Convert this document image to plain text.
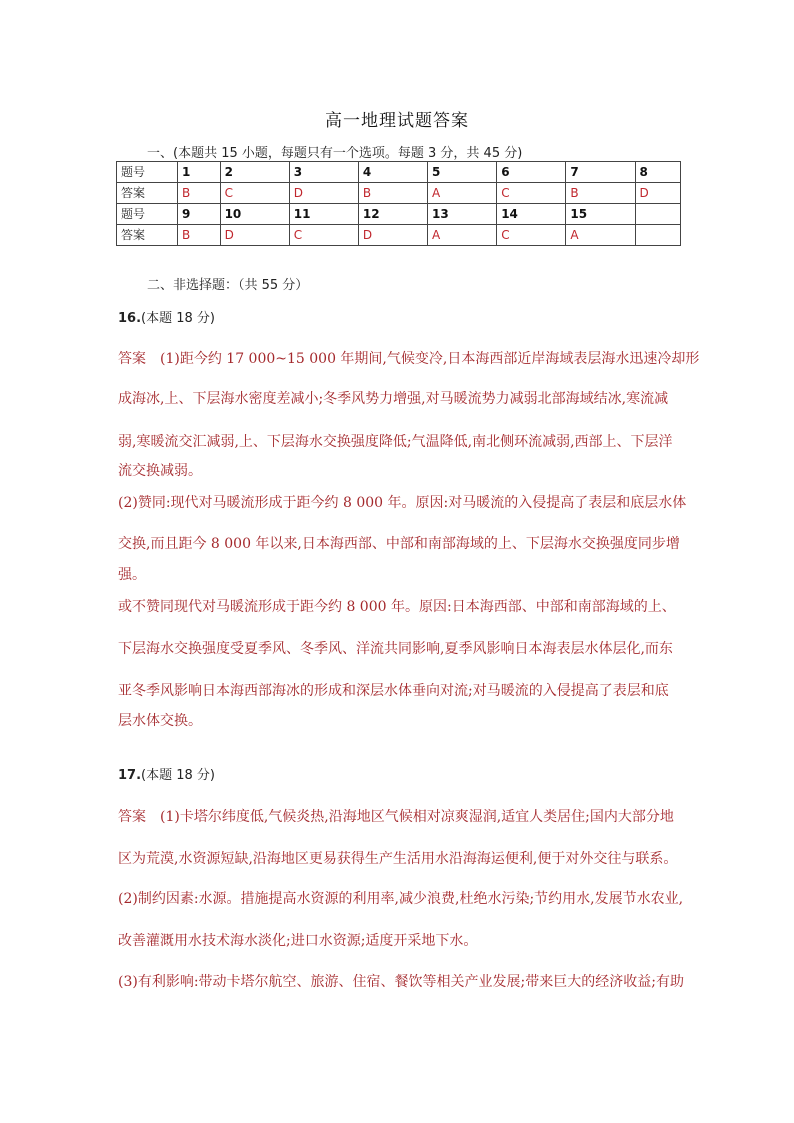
高一地理试题答案
一、(本题共 15 小题，每题只有一个选项。每题 3 分，共 45 分)
题号	1	2	3	4	5	6	7	8
答案	B	C	D	B	A	C	B	D
题号	9	10	11	12	13	14	15	
答案	B	D	C	D	A	C	A	
二、非选择题：（共 55 分）
16.(本题 18 分)
答案 (1)距今约 17 000~15 000 年期间,气候变冷,日本海西部近岸海域表层海水迅速冷却形
成海冰,上、下层海水密度差减小;冬季风势力增强,对马暖流势力减弱北部海域结冰,寒流减
弱,寒暖流交汇减弱,上、下层海水交换强度降低;气温降低,南北侧环流减弱,西部上、下层洋
流交换减弱。
(2)赞同:现代对马暖流形成于距今约 8 000 年。原因:对马暖流的入侵提高了表层和底层水体
交换,而且距今 8 000 年以来,日本海西部、中部和南部海域的上、下层海水交换强度同步增
强。
或不赞同现代对马暖流形成于距今约 8 000 年。原因:日本海西部、中部和南部海域的上、
下层海水交换强度受夏季风、冬季风、洋流共同影响,夏季风影响日本海表层水体层化,而东
亚冬季风影响日本海西部海冰的形成和深层水体垂向对流;对马暖流的入侵提高了表层和底
层水体交换。
17.(本题 18 分)
答案 (1)卡塔尔纬度低,气候炎热,沿海地区气候相对凉爽湿润,适宜人类居住;国内大部分地
区为荒漠,水资源短缺,沿海地区更易获得生产生活用水沿海海运便利,便于对外交往与联系。
(2)制约因素:水源。措施提高水资源的利用率,减少浪费,杜绝水污染;节约用水,发展节水农业,
改善灌溉用水技术海水淡化;进口水资源;适度开采地下水。
(3)有利影响:带动卡塔尔航空、旅游、住宿、餐饮等相关产业发展;带来巨大的经济收益;有助
